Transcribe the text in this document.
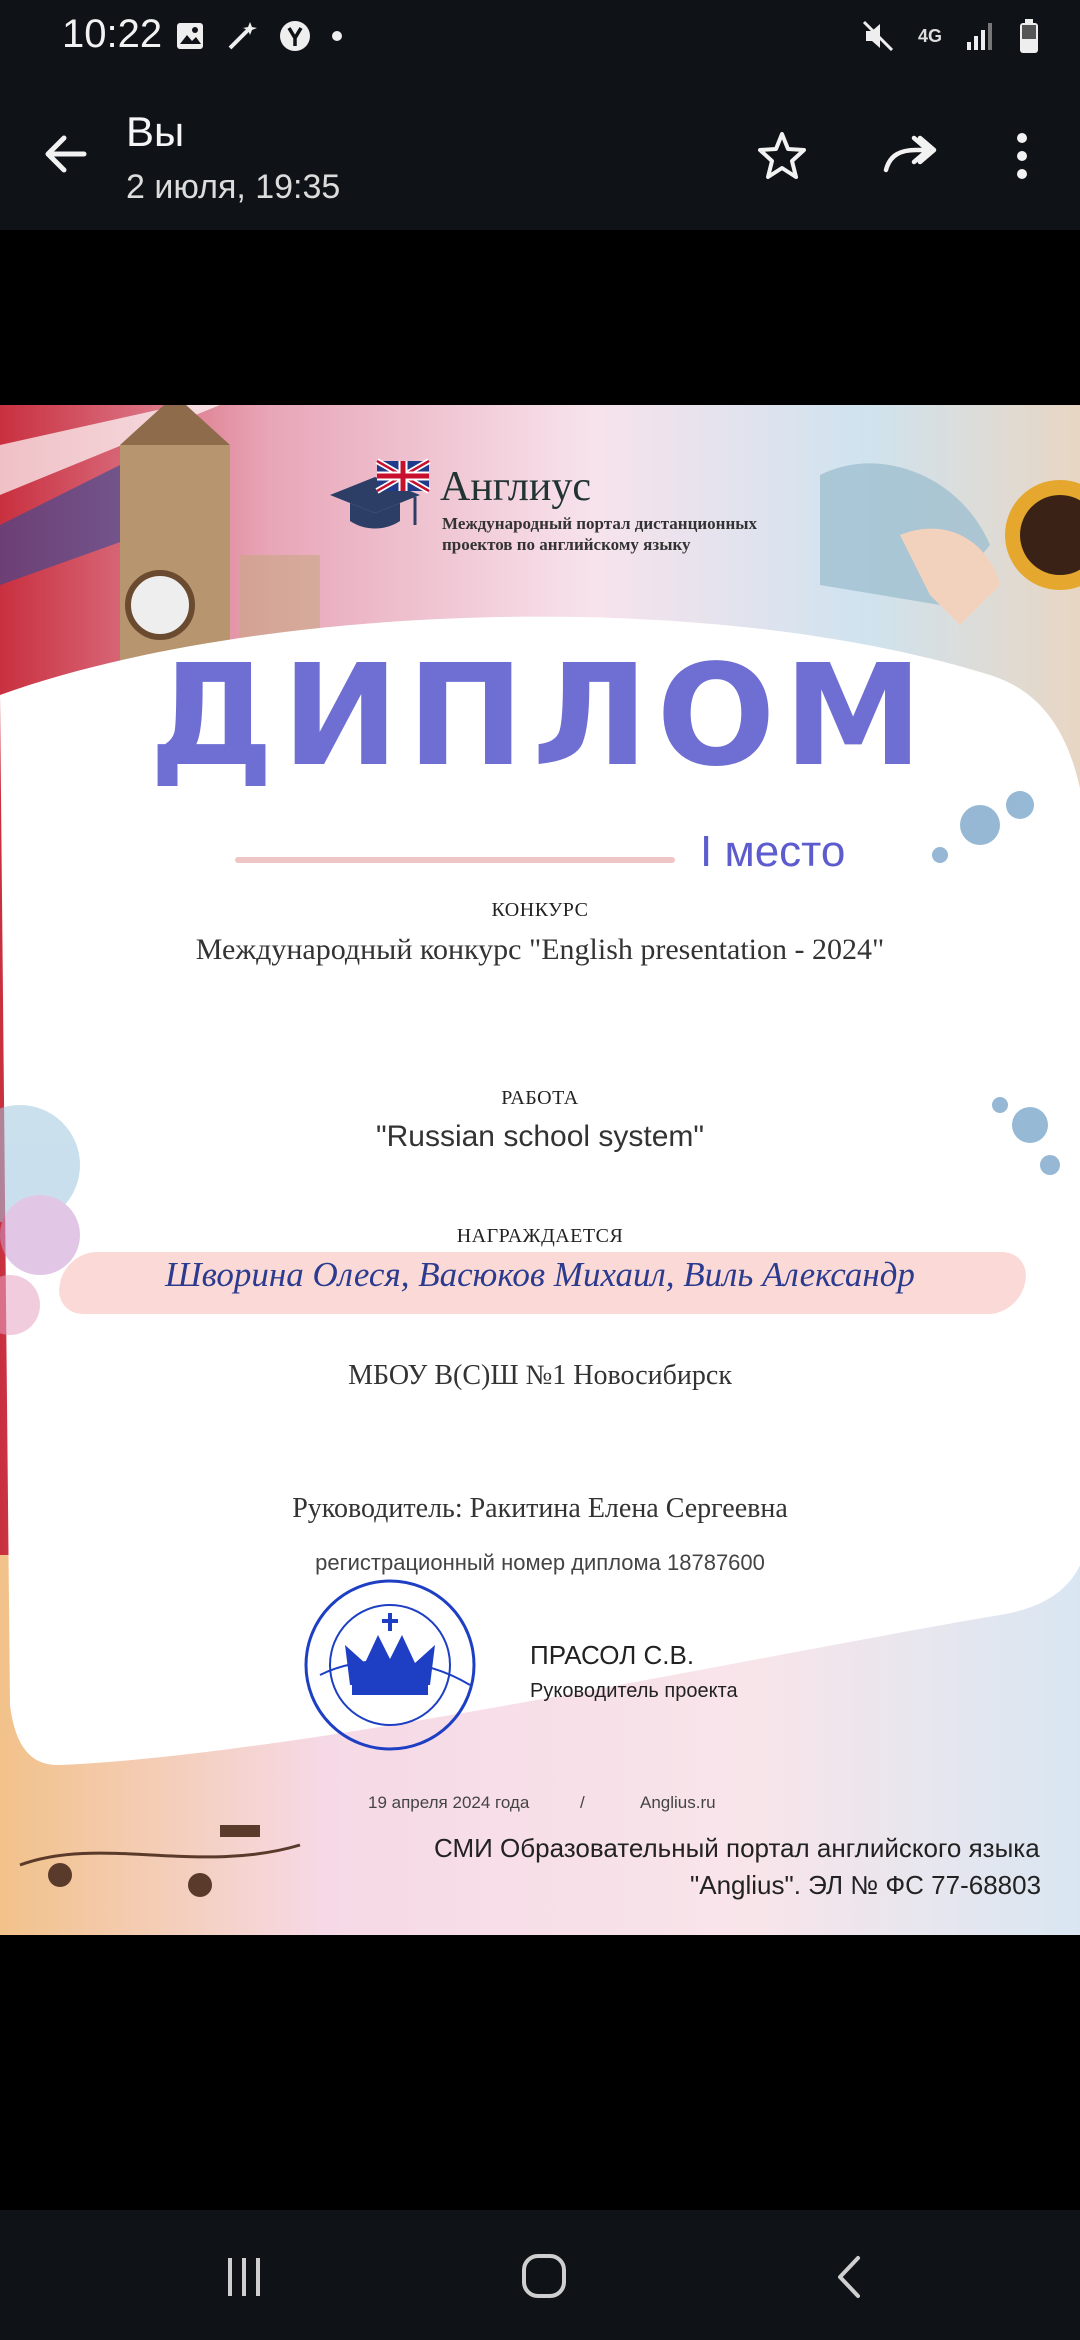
10:22	4G
Вы
2 июля, 19:35
Англиус
Международный портал дистанционных
проектов по английскому языку
ДИПЛОМ
I место
КОНКУРС
Международный конкурс "English presentation - 2024"
РАБОТА
"Russian school system"
НАГРАЖДАЕТСЯ
Шворина Олеся, Васюков Михаил, Виль Александр
МБОУ В(С)Ш №1 Новосибирск
Руководитель: Ракитина Елена Сергеевна
регистрационный номер диплома 18787600
ПРАСОЛ С.В.
Руководитель проекта
19 апреля 2024 года	/	Anglius.ru
СМИ Образовательный портал английского языка
"Anglius". ЭЛ № ФС 77-68803
